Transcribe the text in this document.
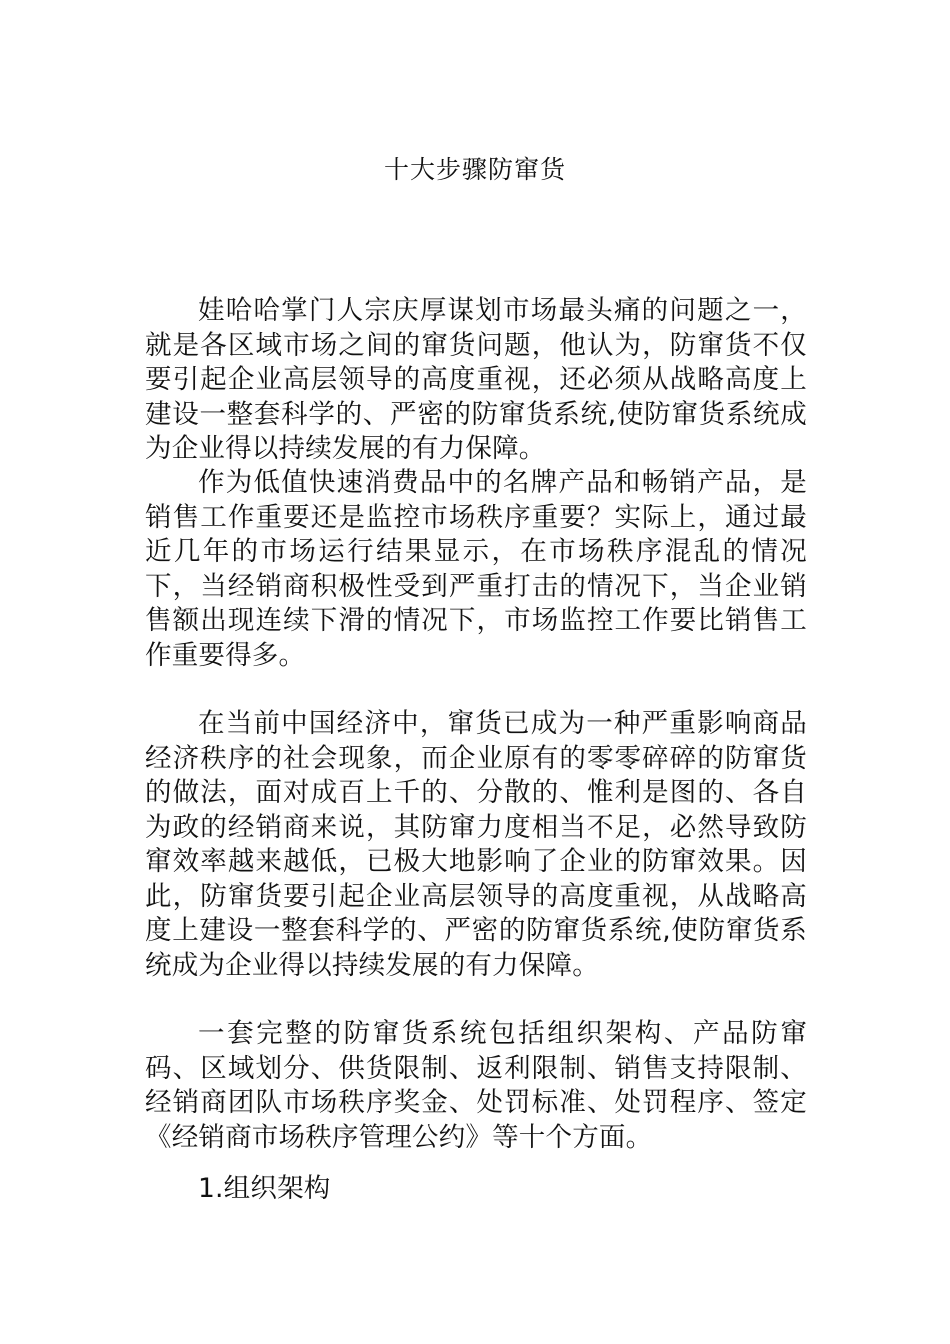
十大步骤防窜货

娃哈哈掌门人宗庆厚谋划市场最头痛的问题之一，就是各区域市场之间的窜货问题，他认为，防窜货不仅要引起企业高层领导的高度重视，还必须从战略高度上建设一整套科学的、严密的防窜货系统,使防窜货系统成为企业得以持续发展的有力保障。

作为低值快速消费品中的名牌产品和畅销产品，是销售工作重要还是监控市场秩序重要？实际上，通过最近几年的市场运行结果显示，在市场秩序混乱的情况下，当经销商积极性受到严重打击的情况下，当企业销售额出现连续下滑的情况下，市场监控工作要比销售工作重要得多。

在当前中国经济中，窜货已成为一种严重影响商品经济秩序的社会现象，而企业原有的零零碎碎的防窜货的做法，面对成百上千的、分散的、惟利是图的、各自为政的经销商来说，其防窜力度相当不足，必然导致防窜效率越来越低，已极大地影响了企业的防窜效果。因此，防窜货要引起企业高层领导的高度重视，从战略高度上建设一整套科学的、严密的防窜货系统,使防窜货系统成为企业得以持续发展的有力保障。

一套完整的防窜货系统包括组织架构、产品防窜码、区域划分、供货限制、返利限制、销售支持限制、经销商团队市场秩序奖金、处罚标准、处罚程序、签定《经销商市场秩序管理公约》等十个方面。

1.组织架构
